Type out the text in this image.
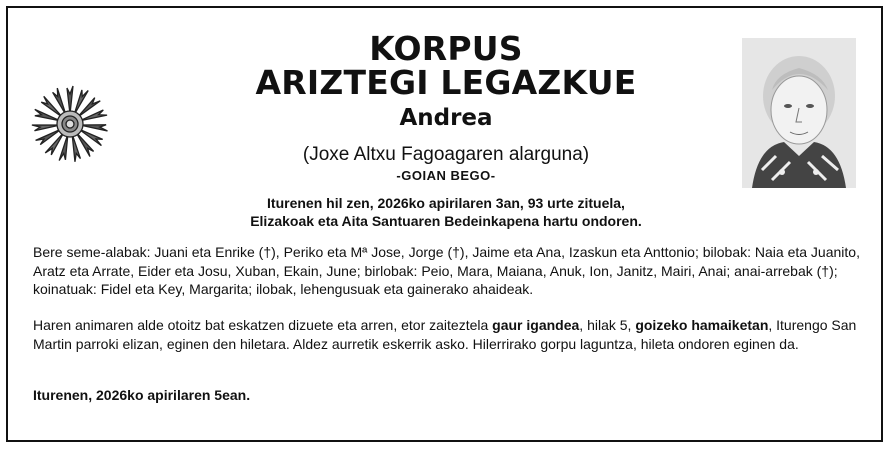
KORPUS
ARIZTEGI LEGAZKUE
Andrea
(Joxe Altxu Fagoagaren alarguna)
-GOIAN BEGO-
Iturenen hil zen, 2026ko apirilaren 3an, 93 urte zituela,
Elizakoak eta Aita Santuaren Bedeinkapena hartu ondoren.
Bere seme-alabak: Juani eta Enrike (†), Periko eta Mª Jose, Jorge (†), Jaime eta Ana, Izaskun eta Anttonio; bilobak: Naia eta Juanito, Aratz eta Arrate, Eider eta Josu, Xuban, Ekain, June; birlobak: Peio, Mara, Maiana, Anuk, Ion, Janitz, Mairi, Anai; anai-arrebak (†); koinatuak: Fidel eta Key, Margarita; ilobak, lehengusuak eta gainerako ahaideak.
Haren animaren alde otoitz bat eskatzen dizuete eta arren, etor zaiteztela gaur igandea, hilak 5, goizeko hamaiketan, Iturengo San Martin parroki elizan, eginen den hiletara. Aldez aurretik eskerrik asko. Hilerrirako gorpu laguntza, hileta ondoren eginen da.
Iturenen, 2026ko apirilaren 5ean.
